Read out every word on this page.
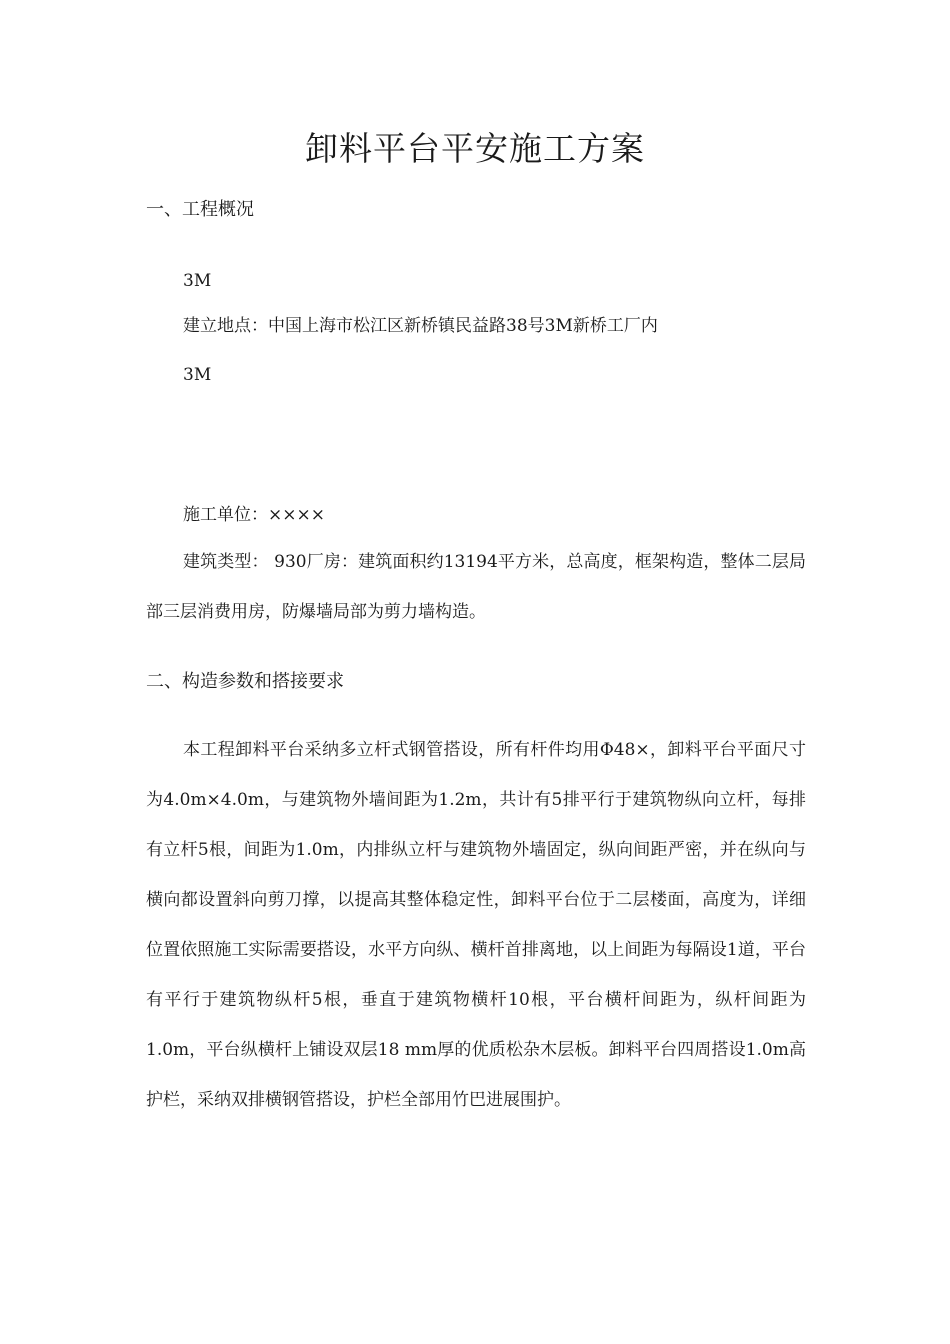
卸料平台平安施工方案

一、工程概况

3M

建立地点：中国上海市松江区新桥镇民益路38号3M新桥工厂内

3M

施工单位：××××

建筑类型： 930厂房：建筑面积约13194平方米，总高度，框架构造，整体二层局部三层消费用房，防爆墙局部为剪力墙构造。

二、构造参数和搭接要求

本工程卸料平台采纳多立杆式钢管搭设，所有杆件均用Φ48×，卸料平台平面尺寸为4.0m×4.0m，与建筑物外墙间距为1.2m，共计有5排平行于建筑物纵向立杆，每排有立杆5根，间距为1.0m，内排纵立杆与建筑物外墙固定，纵向间距严密，并在纵向与横向都设置斜向剪刀撑，以提高其整体稳定性，卸料平台位于二层楼面，高度为，详细位置依照施工实际需要搭设，水平方向纵、横杆首排离地，以上间距为每隔设1道，平台有平行于建筑物纵杆5根，垂直于建筑物横杆10根，平台横杆间距为，纵杆间距为1.0m，平台纵横杆上铺设双层18 mm厚的优质松杂木层板。卸料平台四周搭设1.0m高护栏，采纳双排横钢管搭设，护栏全部用竹巴进展围护。
